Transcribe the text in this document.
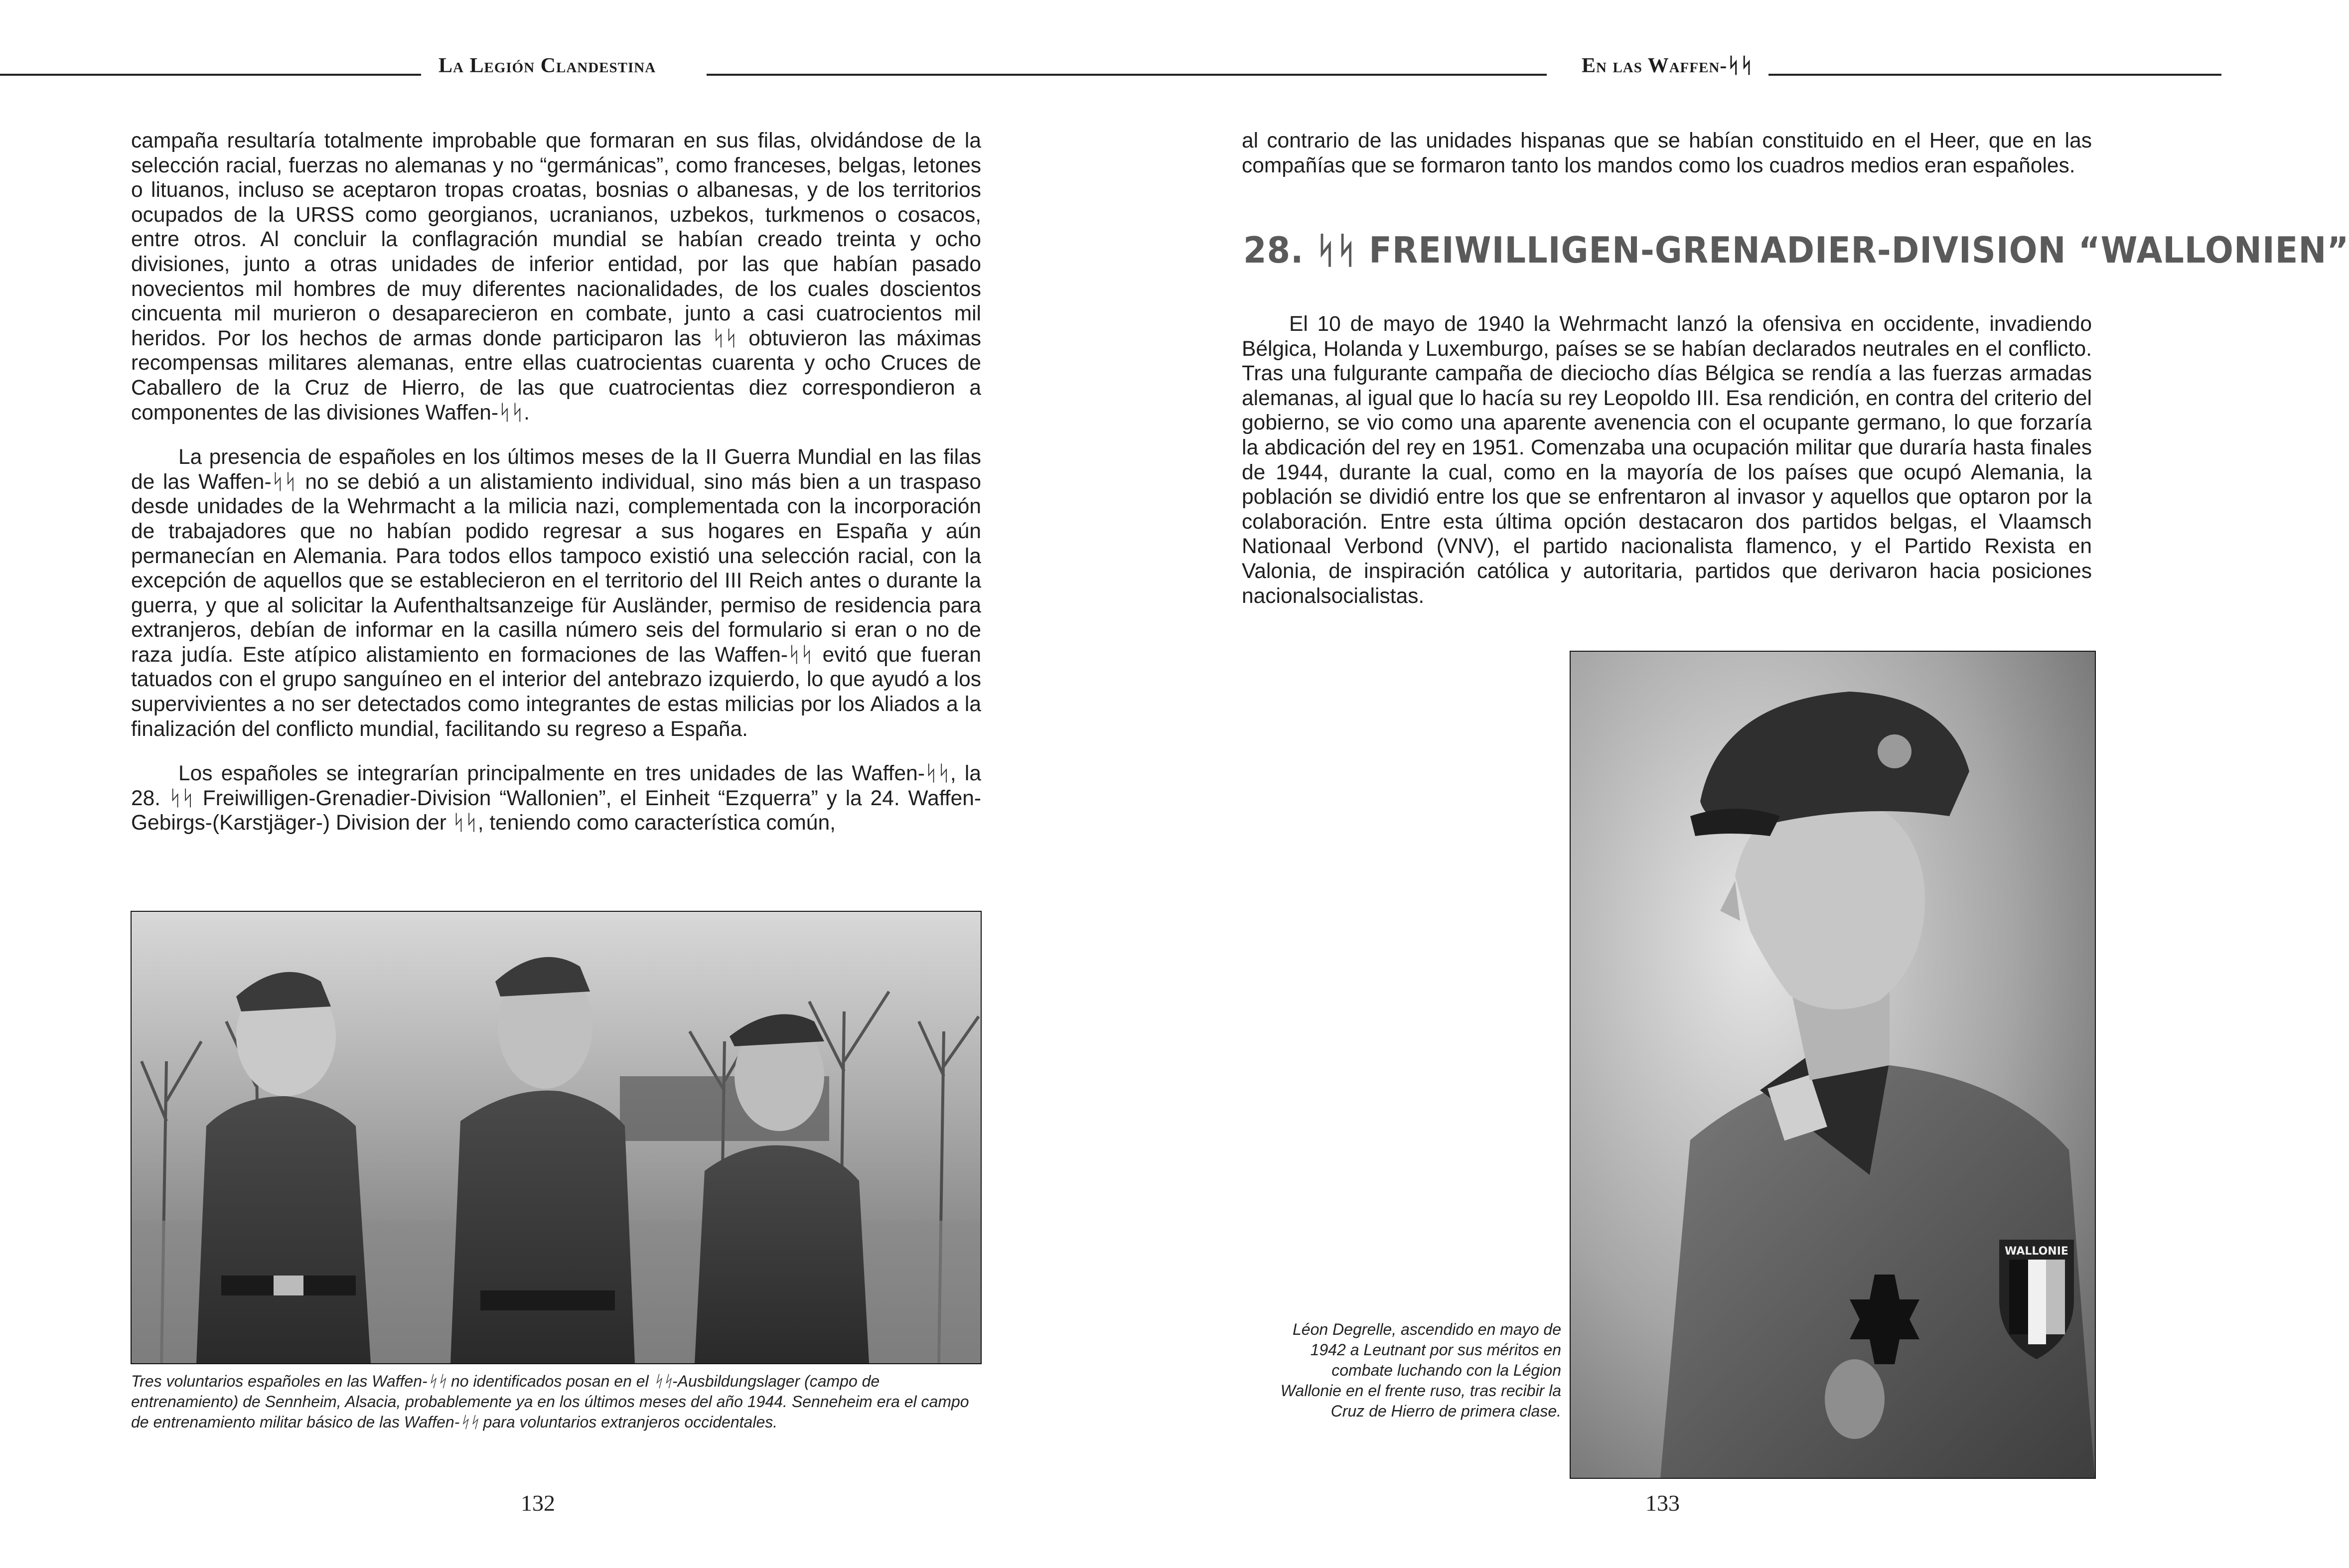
La Legión Clandestina

campaña resultaría totalmente improbable que formaran en sus filas, olvidándose de la selección racial, fuerzas no alemanas y no “germánicas”, como franceses, belgas, letones o lituanos, incluso se aceptaron tropas croatas, bosnias o albanesas, y de los territorios ocupados de la URSS como georgianos, ucranianos, uzbekos, turkmenos o cosacos, entre otros. Al concluir la conflagración mundial se habían creado treinta y ocho divisiones, junto a otras unidades de inferior entidad, por las que habían pasado novecientos mil hombres de muy diferentes nacionalidades, de los cuales doscientos cincuenta mil murieron o desaparecieron en combate, junto a casi cuatrocientos mil heridos. Por los hechos de armas donde participaron las ᛋᛋ obtuvieron las máximas recompensas militares alemanas, entre ellas cuatrocientas cuarenta y ocho Cruces de Caballero de la Cruz de Hierro, de las que cuatrocientas diez correspondieron a componentes de las divisiones Waffen-ᛋᛋ.

La presencia de españoles en los últimos meses de la II Guerra Mundial en las filas de las Waffen-ᛋᛋ no se debió a un alistamiento individual, sino más bien a un traspaso desde unidades de la Wehrmacht a la milicia nazi, complementada con la incorporación de trabajadores que no habían podido regresar a sus hogares en España y aún permanecían en Alemania. Para todos ellos tampoco existió una selección racial, con la excepción de aquellos que se establecieron en el territorio del III Reich antes o durante la guerra, y que al solicitar la Aufenthaltsanzeige für Ausländer, permiso de residencia para extranjeros, debían de informar en la casilla número seis del formulario si eran o no de raza judía. Este atípico alistamiento en formaciones de las Waffen-ᛋᛋ evitó que fueran tatuados con el grupo sanguíneo en el interior del antebrazo izquierdo, lo que ayudó a los supervivientes a no ser detectados como integrantes de estas milicias por los Aliados a la finalización del conflicto mundial, facilitando su regreso a España.

Los españoles se integrarían principalmente en tres unidades de las Waffen-ᛋᛋ, la 28. ᛋᛋ Freiwilligen-Grenadier-Division “Wallonien”, el Einheit “Ezquerra” y la 24. Waffen-Gebirgs-(Karstjäger-) Division der ᛋᛋ, teniendo como característica común,

Tres voluntarios españoles en las Waffen-ᛋᛋ no identificados posan en el ᛋᛋ-Ausbildungslager (campo de entrenamiento) de Sennheim, Alsacia, probablemente ya en los últimos meses del año 1944. Senneheim era el campo de entrenamiento militar básico de las Waffen-ᛋᛋ para voluntarios extranjeros occidentales.
132
En las Waffen-ᛋᛋ

al contrario de las unidades hispanas que se habían constituido en el Heer, que en las compañías que se formaron tanto los mandos como los cuadros medios eran españoles.

28. ᛋᛋ FREIWILLIGEN-GRENADIER-DIVISION “WALLONIEN”

El 10 de mayo de 1940 la Wehrmacht lanzó la ofensiva en occidente, invadiendo Bélgica, Holanda y Luxemburgo, países se se habían declarados neutrales en el conflicto. Tras una fulgurante campaña de dieciocho días Bélgica se rendía a las fuerzas armadas alemanas, al igual que lo hacía su rey Leopoldo III. Esa rendición, en contra del criterio del gobierno, se vio como una aparente avenencia con el ocupante germano, lo que forzaría la abdicación del rey en 1951. Comenzaba una ocupación militar que duraría hasta finales de 1944, durante la cual, como en la mayoría de los países que ocupó Alemania, la población se dividió entre los que se enfrentaron al invasor y aquellos que optaron por la colaboración. Entre esta última opción destacaron dos partidos belgas, el Vlaamsch Nationaal Verbond (VNV), el partido nacionalista flamenco, y el Partido Rexista en Valonia, de inspiración católica y autoritaria, partidos que derivaron hacia posiciones nacionalsocialistas.

WALLONIE
Léon Degrelle, ascendido en mayo de 1942 a Leutnant por sus méritos en combate luchando con la Légion Wallonie en el frente ruso, tras recibir la Cruz de Hierro de primera clase.
133
